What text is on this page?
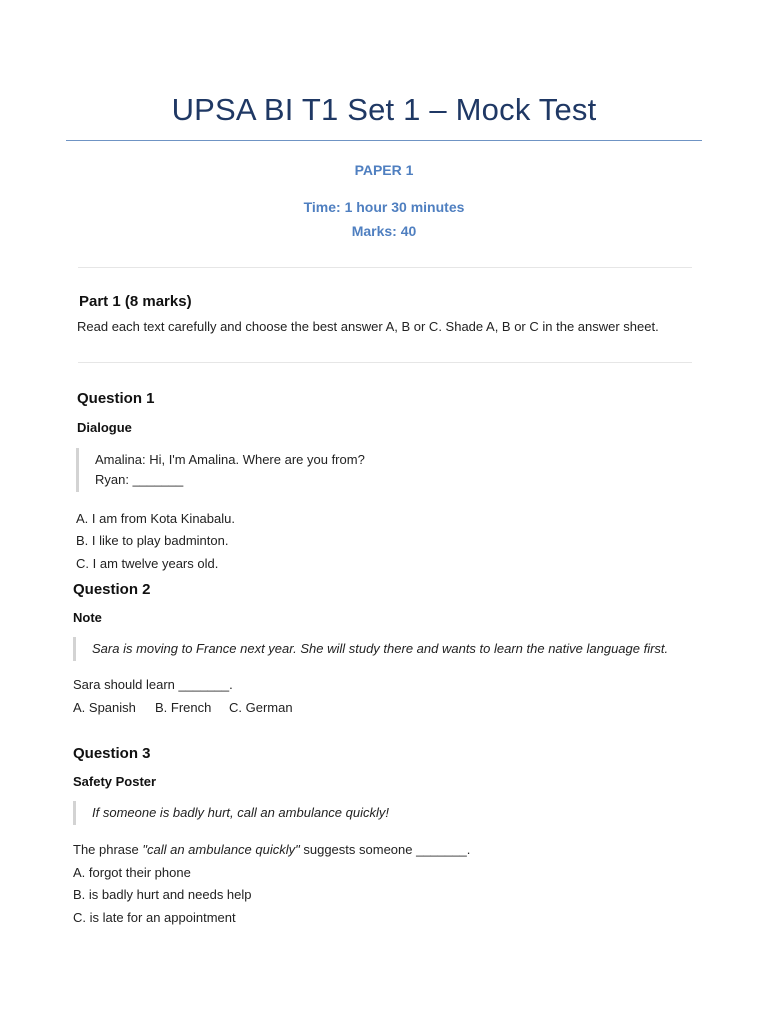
UPSA BI T1 Set 1 – Mock Test
PAPER 1
Time: 1 hour 30 minutes
Marks: 40
Part 1 (8 marks)
Read each text carefully and choose the best answer A, B or C. Shade A, B or C in the answer sheet.
Question 1
Dialogue
Amalina: Hi, I'm Amalina. Where are you from?
Ryan: _______
A. I am from Kota Kinabalu.
B. I like to play badminton.
C. I am twelve years old.
Question 2
Note
Sara is moving to France next year. She will study there and wants to learn the native language first.
Sara should learn _______.
A. Spanish B. French C. German
Question 3
Safety Poster
If someone is badly hurt, call an ambulance quickly!
The phrase "call an ambulance quickly" suggests someone _______.
A. forgot their phone
B. is badly hurt and needs help
C. is late for an appointment
